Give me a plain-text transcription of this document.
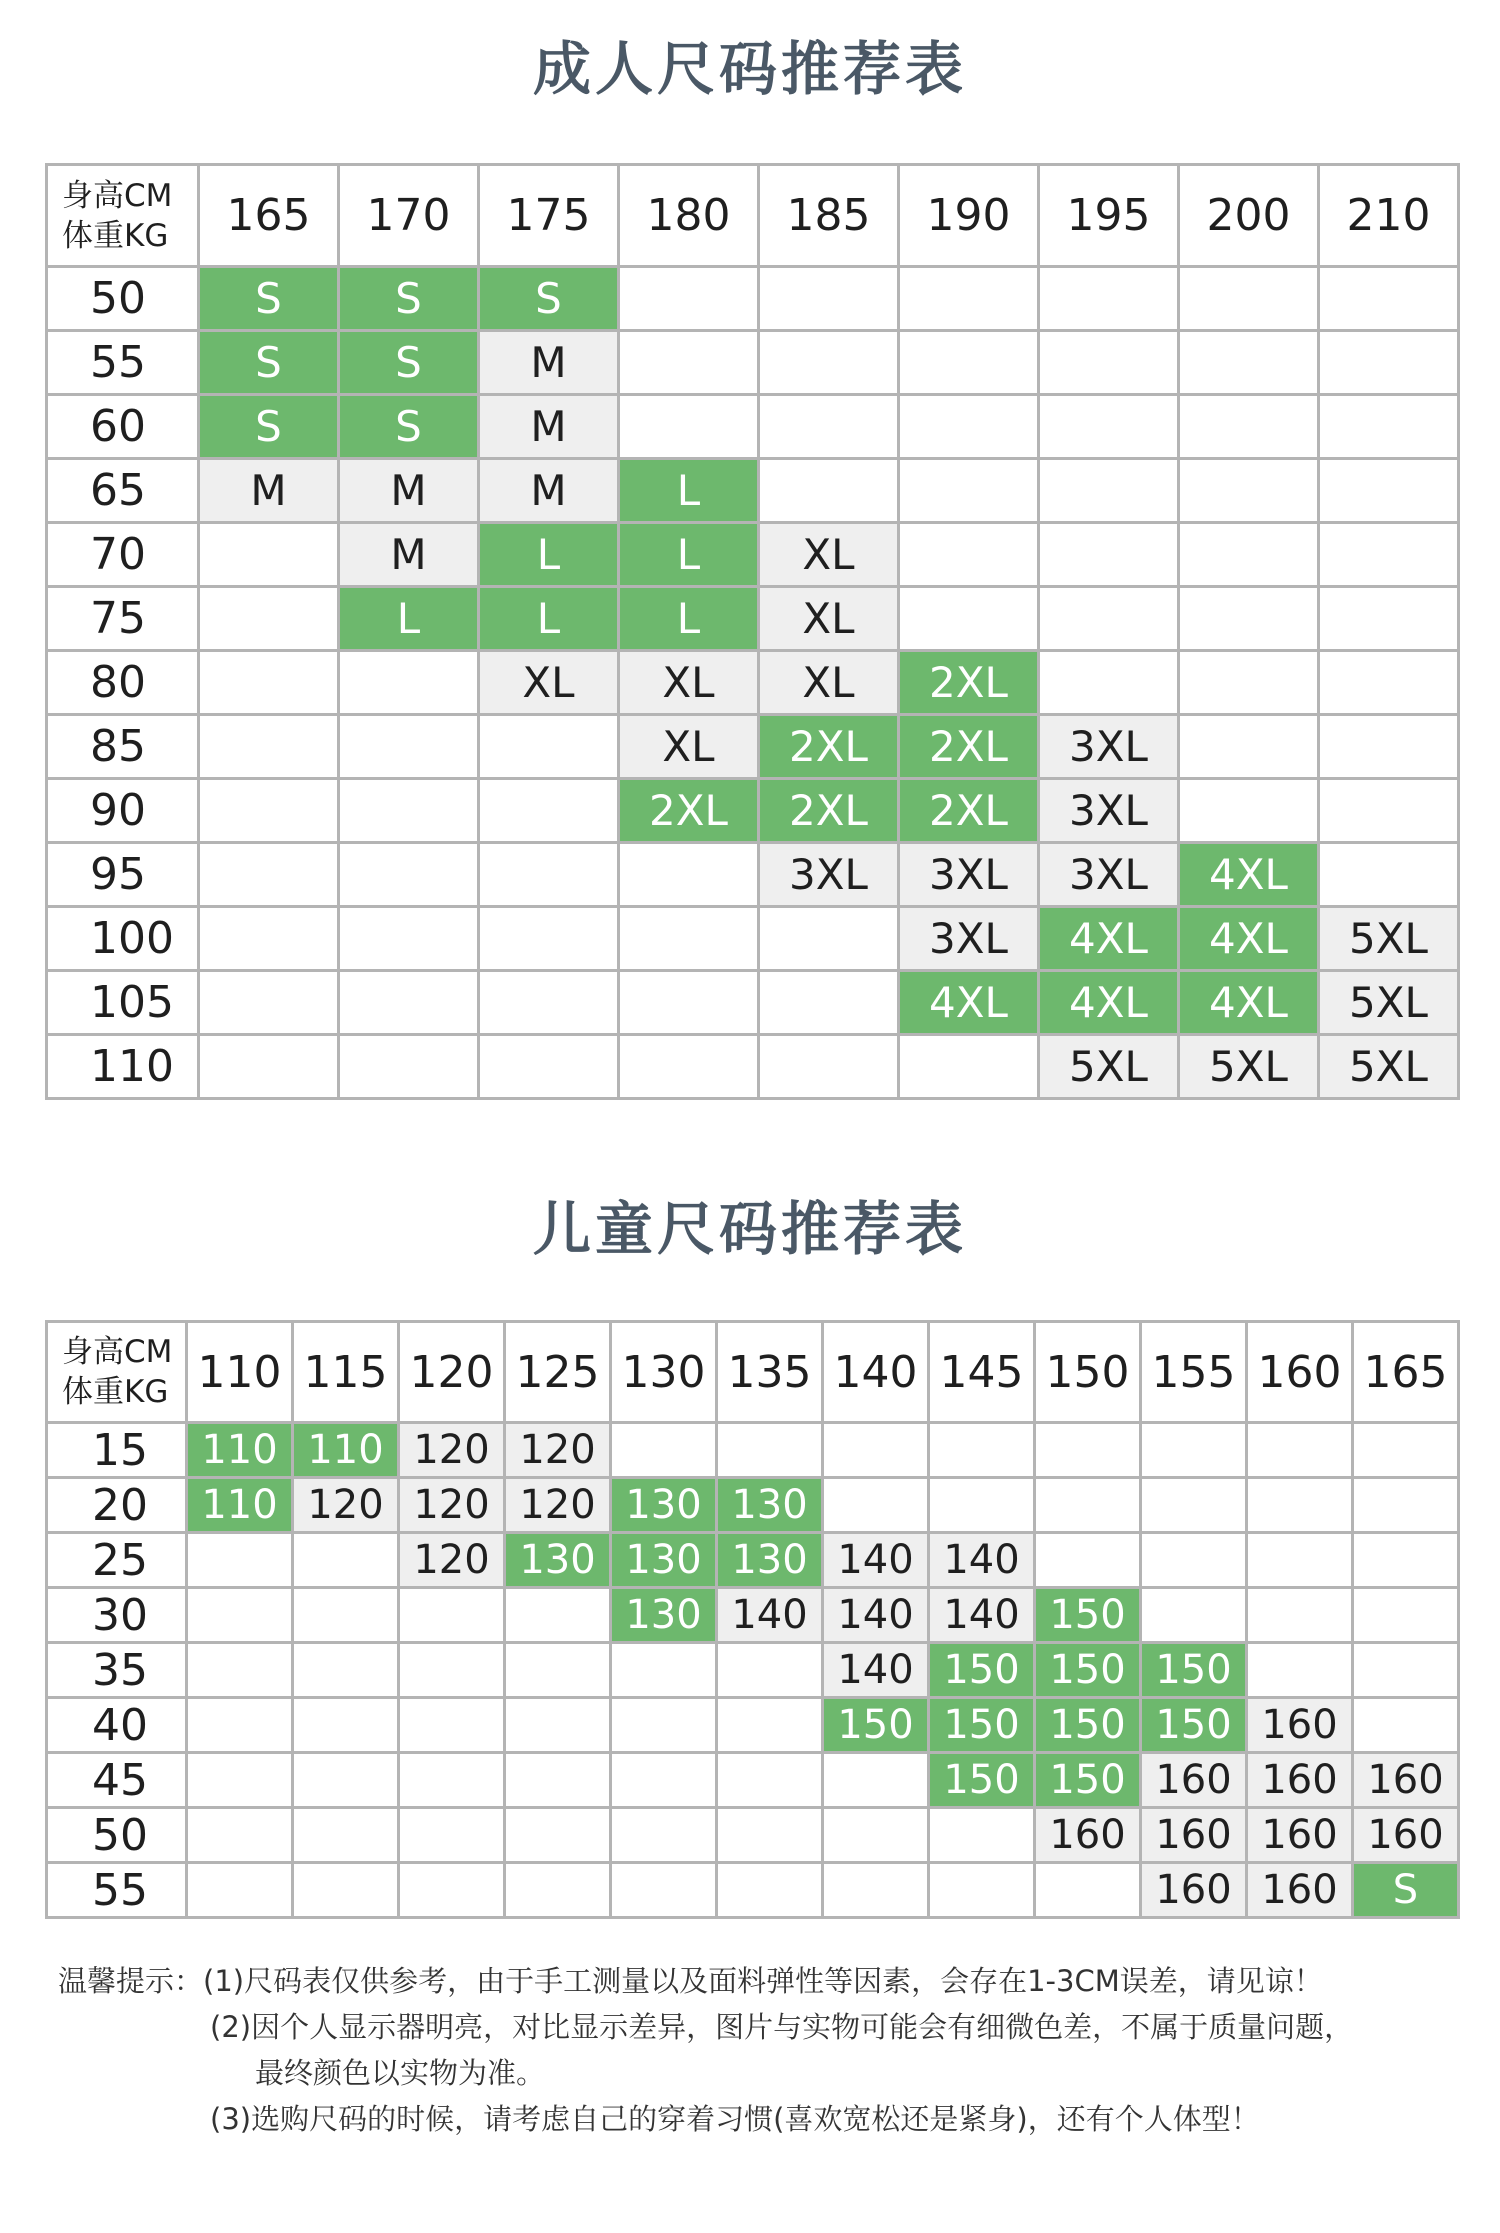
成人尺码推荐表
身高CM
体重KG	165	170	175	180	185	190	195	200	210
50	S	S	S						
55	S	S	M						
60	S	S	M						
65	M	M	M	L					
70		M	L	L	XL				
75		L	L	L	XL				
80			XL	XL	XL	2XL			
85				XL	2XL	2XL	3XL		
90				2XL	2XL	2XL	3XL		
95					3XL	3XL	3XL	4XL	
100						3XL	4XL	4XL	5XL
105						4XL	4XL	4XL	5XL
110							5XL	5XL	5XL
儿童尺码推荐表
身高CM
体重KG	110	115	120	125	130	135	140	145	150	155	160	165
15	110	110	120	120								
20	110	120	120	120	130	130						
25			120	130	130	130	140	140				
30					130	140	140	140	150			
35							140	150	150	150		
40							150	150	150	150	160	
45								150	150	160	160	160
50									160	160	160	160
55										160	160	S
温馨提示：(1)尺码表仅供参考，由于手工测量以及面料弹性等因素，会存在1-3CM误差，请见谅！
(2)因个人显示器明亮，对比显示差异，图片与实物可能会有细微色差，不属于质量问题，
最终颜色以实物为准。
(3)选购尺码的时候，请考虑自己的穿着习惯(喜欢宽松还是紧身)，还有个人体型！
